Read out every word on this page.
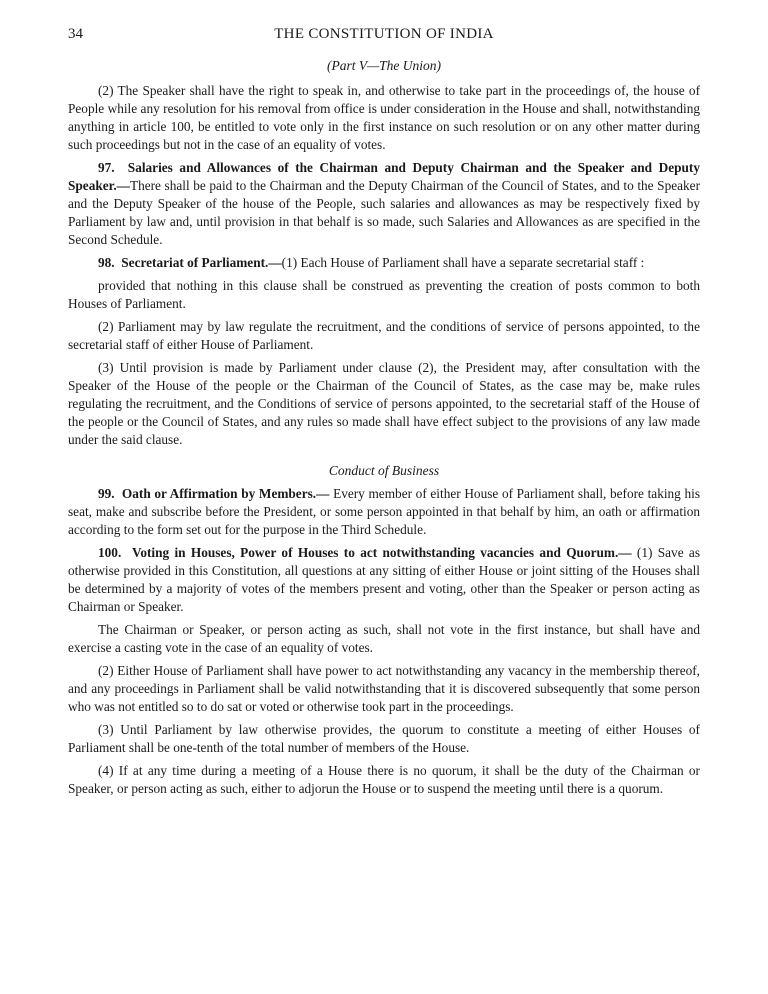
34	THE CONSTITUTION OF INDIA
(Part V—The Union)

(2) The Speaker shall have the right to speak in, and otherwise to take part in the proceedings of, the house of People while any resolution for his removal from office is under consideration in the House and shall, notwithstanding anything in article 100, be entitled to vote only in the first instance on such resolution or on any other matter during such proceedings but not in the case of an equality of votes.

97. Salaries and Allowances of the Chairman and Deputy Chairman and the Speaker and Deputy Speaker.—There shall be paid to the Chairman and the Deputy Chairman of the Council of States, and to the Speaker and the Deputy Speaker of the house of the People, such salaries and allowances as may be respectively fixed by Parliament by law and, until provision in that behalf is so made, such Salaries and Allowances as are specified in the Second Schedule.

98. Secretariat of Parliament.—(1) Each House of Parliament shall have a separate secretarial staff :

provided that nothing in this clause shall be construed as preventing the creation of posts common to both Houses of Parliament.

(2) Parliament may by law regulate the recruitment, and the conditions of service of persons appointed, to the secretarial staff of either House of Parliament.

(3) Until provision is made by Parliament under clause (2), the President may, after consultation with the Speaker of the House of the people or the Chairman of the Council of States, as the case may be, make rules regulating the recruitment, and the Conditions of service of persons appointed, to the secretarial staff of the House of the people or the Council of States, and any rules so made shall have effect subject to the provisions of any law made under the said clause.

Conduct of Business

99. Oath or Affirmation by Members.— Every member of either House of Parliament shall, before taking his seat, make and subscribe before the President, or some person appointed in that behalf by him, an oath or affirmation according to the form set out for the purpose in the Third Schedule.

100. Voting in Houses, Power of Houses to act notwithstanding vacancies and Quorum.— (1) Save as otherwise provided in this Constitution, all questions at any sitting of either House or joint sitting of the Houses shall be determined by a majority of votes of the members present and voting, other than the Speaker or person acting as Chairman or Speaker.

The Chairman or Speaker, or person acting as such, shall not vote in the first instance, but shall have and exercise a casting vote in the case of an equality of votes.

(2) Either House of Parliament shall have power to act notwithstanding any vacancy in the membership thereof, and any proceedings in Parliament shall be valid notwithstanding that it is discovered subsequently that some person who was not entitled so to do sat or voted or otherwise took part in the proceedings.

(3) Until Parliament by law otherwise provides, the quorum to constitute a meeting of either Houses of Parliament shall be one-tenth of the total number of members of the House.

(4) If at any time during a meeting of a House there is no quorum, it shall be the duty of the Chairman or Speaker, or person acting as such, either to adjorun the House or to suspend the meeting until there is a quorum.
